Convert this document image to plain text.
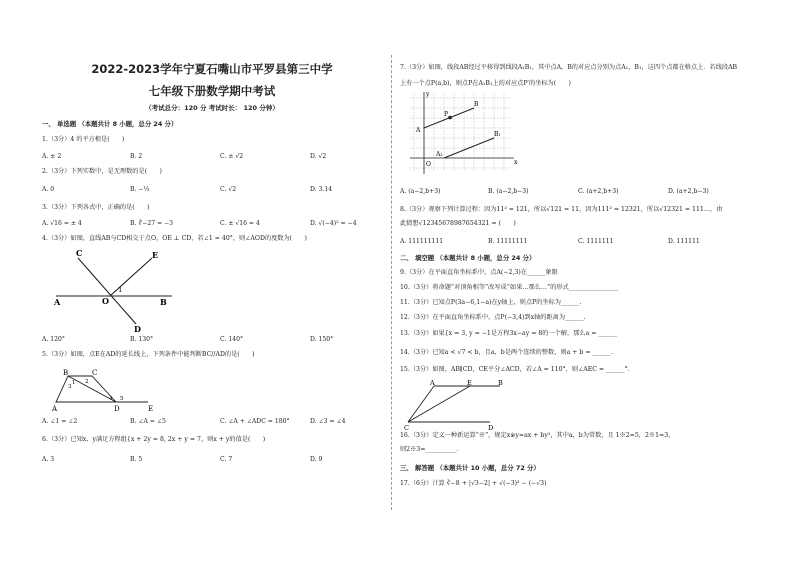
2022-2023学年宁夏石嘴山市平罗县第三中学
七年级下册数学期中考试
（考试总分：120 分 考试时长： 120 分钟）
一、 单选题 （本题共计 8 小题，总分 24 分）
1.（3分）4 的平方根是(　　)
A. ± 2	B. 2	C. ± √2	D. √2
2.（3分）下列实数中，是无理数的是(　　)
A. 0	B. −⅓	C. √2	D. 3.14
3.（3分）下列各式中，正确的是(　　)
A. √16 = ± 4	B. ∛−27 = −3	C. ± √16 = 4	D. √(−4)² = −4
4.（3分）如图，直线AB与CD相交于点O，OE ⊥ CD，若∠1 = 40°，则∠AOD的度数为(　　)
C	E
A	O
1
B
D
A. 120°	B. 130°	C. 140°	D. 150°
5.（3分）如图，点E在AD的延长线上，下列条件中能判断BC//AD的是(　　)
B	C
A	D	E
1 2
3
4 5
A. ∠1 = ∠2	B. ∠A = ∠5	C. ∠A + ∠ADC = 180°	D. ∠3 = ∠4
6.（3分）已知x、y满足方程组{x + 2y = 8, 2x + y = 7，则x + y的值是(　　)
A. 3	B. 5	C. 7	D. 9
7.（3分）如图，线段AB经过平移得到线段A₁B₁，其中点A，B的对应点分别为点A₁，B₁，这四个点都在格点上．若线段AB
上有一个点P(a,b)，则点P在A₁B₁上的对应点P′的坐标为(　　)
y
x
O
A
B
P
A₁
B₁
A. (a−2,b+3)	B. (a−2,b−3)	C. (a+2,b+3)	D. (a+2,b−3)
8.（3分）观察下列计算过程：因为11² = 121，所以√121 = 11，因为111² = 12321，所以√12321 = 111…，由
此猜想√12345678987654321 = (　　)
A. 111111111	B. 11111111	C. 1111111	D. 111111
二、 填空题 （本题共计 8 小题，总分 24 分）
9.（3分）在平面直角坐标系中，点A(−2,3)在______象限
10.（3分）将命题“对顶角相等”改写成“如果…那么…”的形式________________
11.（3分）已知点P(3a−6,1−a)在y轴上，则点P的坐标为______.
12.（3分）在平面直角坐标系中，点P(−3,4)到x轴的距离为______.
13.（3分）如果{x = 3, y = −1是方程3x−ay = 8的一个解，那么a = ______
14.（3分）已知a < √7 < b，且a，b是两个连续的整数，则a + b = ______.
15.（3分）如图，AB∥CD，CE平分∠ACD，若∠A = 110°，则∠AEC = ______°.
A	E	B
C	D
16.（3分）定义一种新运算“※”，规定x※y=ax + by²，其中a，b为常数，且 1※2=5，2※1=3，
则2※3=__________.
三、 解答题 （本题共计 10 小题，总分 72 分）
17.（6分）计算 ∛−8 + |√3−2| + √(−3)² − (−√3)
